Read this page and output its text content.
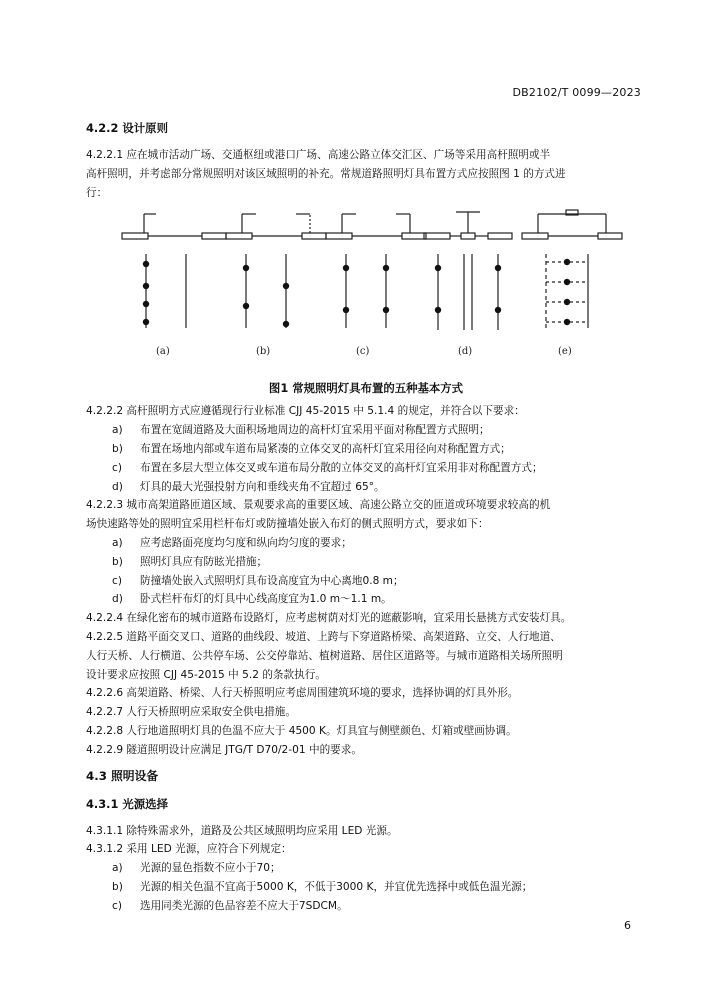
DB2102/T 0099—2023
4.2.2 设计原则

4.2.2.1 应在城市活动广场、交通枢纽或港口广场、高速公路立体交汇区、广场等采用高杆照明或半

高杆照明，并考虑部分常规照明对该区域照明的补充。常规道路照明灯具布置方式应按照图 1 的方式进

行：

(a)	(b)	(c)	(d)	(e)
图1 常规照明灯具布置的五种基本方式

4.2.2.2 高杆照明方式应遵循现行行业标准 CJJ 45-2015 中 5.1.4 的规定，并符合以下要求：

a) 布置在宽阔道路及大面积场地周边的高杆灯宜采用平面对称配置方式照明；

b) 布置在场地内部或车道布局紧凑的立体交叉的高杆灯宜采用径向对称配置方式；

c) 布置在多层大型立体交叉或车道布局分散的立体交叉的高杆灯宜采用非对称配置方式；

d) 灯具的最大光强投射方向和垂线夹角不宜超过 65°。

4.2.2.3 城市高架道路匝道区域、景观要求高的重要区域、高速公路立交的匝道或环境要求较高的机

场快速路等处的照明宜采用栏杆布灯或防撞墙处嵌入布灯的侧式照明方式，要求如下：

a) 应考虑路面亮度均匀度和纵向均匀度的要求；

b) 照明灯具应有防眩光措施；

c) 防撞墙处嵌入式照明灯具布设高度宜为中心离地0.8 m；

d) 卧式栏杆布灯的灯具中心线高度宜为1.0 m～1.1 m。

4.2.2.4 在绿化密布的城市道路布设路灯，应考虑树荫对灯光的遮蔽影响，宜采用长悬挑方式安装灯具。

4.2.2.5 道路平面交叉口、道路的曲线段、坡道、上跨与下穿道路桥梁、高架道路、立交、人行地道、

人行天桥、人行横道、公共停车场、公交停靠站、植树道路、居住区道路等。与城市道路相关场所照明

设计要求应按照 CJJ 45-2015 中 5.2 的条款执行。

4.2.2.6 高架道路、桥梁、人行天桥照明应考虑周围建筑环境的要求，选择协调的灯具外形。

4.2.2.7 人行天桥照明应采取安全供电措施。

4.2.2.8 人行地道照明灯具的色温不应大于 4500 K。灯具宜与侧壁颜色、灯箱或壁画协调。

4.2.2.9 隧道照明设计应满足 JTG/T D70/2-01 中的要求。

4.3 照明设备
4.3.1 光源选择

4.3.1.1 除特殊需求外，道路及公共区域照明均应采用 LED 光源。

4.3.1.2 采用 LED 光源，应符合下列规定：

a) 光源的显色指数不应小于70；

b) 光源的相关色温不宜高于5000 K，不低于3000 K，并宜优先选择中或低色温光源；

c) 选用同类光源的色品容差不应大于7SDCM。

6
